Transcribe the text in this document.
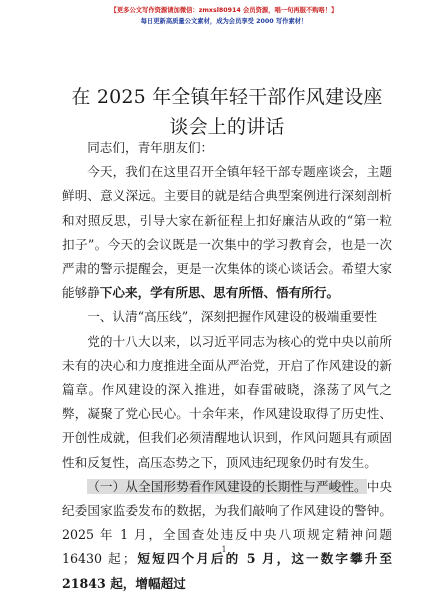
【更多公文写作资源请加微信：zmxsl80914 会员资源，唱一句再服不购咯！】
每日更新高质量公文素材，成为会员享受 2000 写作素材！
在 2025 年全镇年轻干部作风建设座谈会上的讲话

同志们，青年朋友们：

今天，我们在这里召开全镇年轻干部专题座谈会，主题鲜明、意义深远。主要目的就是结合典型案例进行深刻剖析和对照反思，引导大家在新征程上扣好廉洁从政的“第一粒扣子”。今天的会议既是一次集中的学习教育会，也是一次严肃的警示提醒会，更是一次集体的谈心谈话会。希望大家能够静下心来，学有所思、思有所悟、悟有所行。

一、认清“高压线”，深刻把握作风建设的极端重要性

党的十八大以来，以习近平同志为核心的党中央以前所未有的决心和力度推进全面从严治党，开启了作风建设的新篇章。作风建设的深入推进，如春雷破晓，涤荡了风气之弊，凝聚了党心民心。十余年来，作风建设取得了历史性、开创性成就，但我们必须清醒地认识到，作风问题具有顽固性和反复性，高压态势之下，顶风违纪现象仍时有发生。

（一）从全国形势看作风建设的长期性与严峻性。中央纪委国家监委发布的数据，为我们敲响了作风建设的警钟。2025 年 1 月，全国查处违反中央八项规定精神问题 16430 起；短短四个月后的 5 月，这一数字攀升至 21843 起，增幅超过

1
